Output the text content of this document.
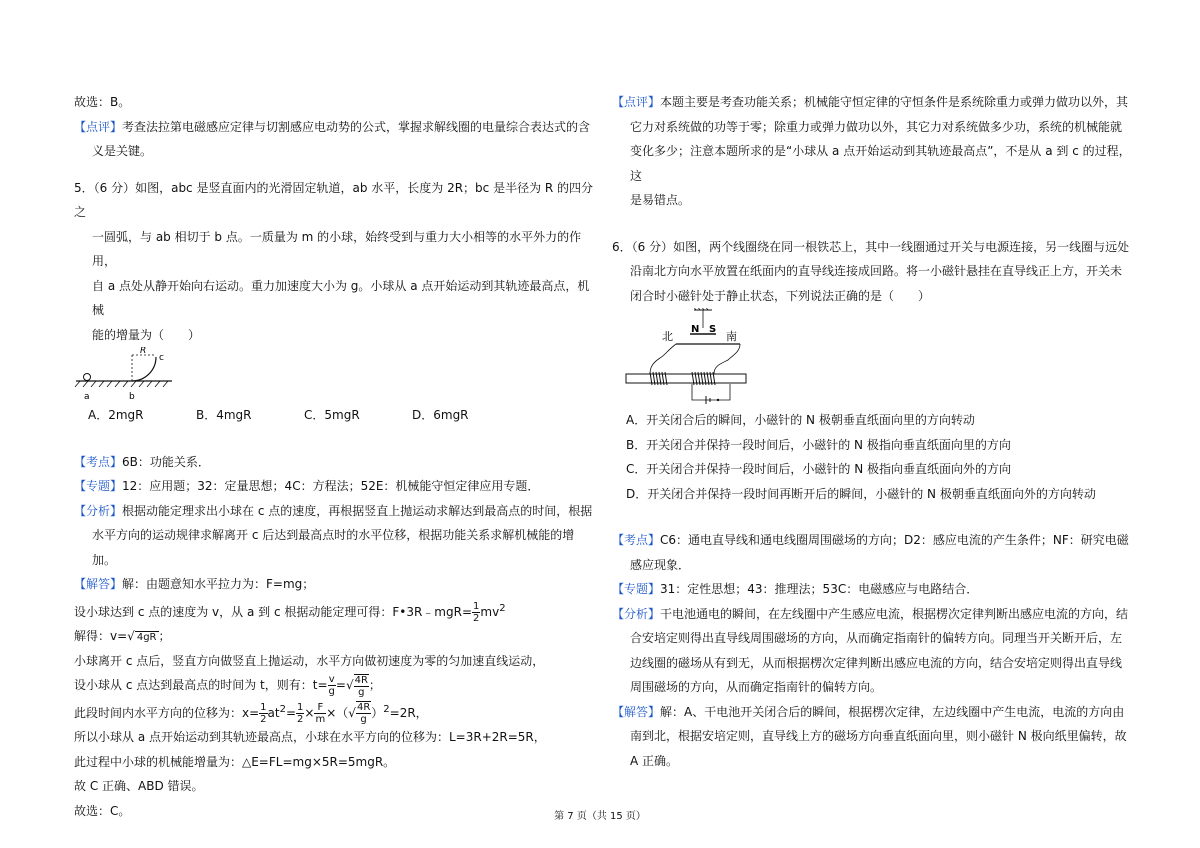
故选：B。

【点评】考查法拉第电磁感应定律与切割感应电动势的公式，掌握求解线圈的电量综合表达式的含

义是关键。

5．（6 分）如图，abc 是竖直面内的光滑固定轨道，ab 水平，长度为 2R；bc 是半径为 R 的四分之

一圆弧，与 ab 相切于 b 点。一质量为 m 的小球，始终受到与重力大小相等的水平外力的作用，

自 a 点处从静开始向右运动。重力加速度大小为 g。小球从 a 点开始运动到其轨迹最高点，机械

能的增量为（　　）

R
c
a	b

A．2mgR	B．4mgR	C．5mgR	D．6mgR

【考点】6B：功能关系．

【专题】12：应用题；32：定量思想；4C：方程法；52E：机械能守恒定律应用专题．

【分析】根据动能定理求出小球在 c 点的速度，再根据竖直上抛运动求解达到最高点的时间，根据

水平方向的运动规律求解离开 c 后达到最高点时的水平位移，根据功能关系求解机械能的增加。

【解答】解：由题意知水平拉力为：F=mg；

设小球达到 c 点的速度为 v，从 a 到 c 根据动能定理可得：F•3R﹣mgR= $\frac{1}{2} mv^2$

解得：v=√ 4gR ；

小球离开 c 点后，竖直方向做竖直上抛运动，水平方向做初速度为零的匀加速直线运动，

设小球从 c 点达到最高点的时间为 t，则有：$t= \frac{v}{g}$ =√ $\frac{4R}{g}$ ；

此段时间内水平方向的位移为：$x= \frac{1}{2} at^2= \frac{1}{2} \times \frac{F}{m}$ ×（√ $\frac{4R}{g} )^2=2R$，

所以小球从 a 点开始运动到其轨迹最高点，小球在水平方向的位移为：L=3R+2R=5R，

此过程中小球的机械能增量为：△E=FL=mg×5R=5mgR。

故 C 正确、ABD 错误。

故选：C。

【点评】本题主要是考查功能关系；机械能守恒定律的守恒条件是系统除重力或弹力做功以外，其

它力对系统做的功等于零；除重力或弹力做功以外，其它力对系统做多少功，系统的机械能就

变化多少；注意本题所求的是“小球从 a 点开始运动到其轨迹最高点”，不是从 a 到 c 的过程，这

是易错点。

6．（6 分）如图，两个线圈绕在同一根铁芯上，其中一线圈通过开关与电源连接，另一线圈与远处

沿南北方向水平放置在纸面内的直导线连接成回路。将一小磁针悬挂在直导线正上方，开关未

闭合时小磁针处于静止状态，下列说法正确的是（　　）

N S
北	南

A．开关闭合后的瞬间，小磁针的 N 极朝垂直纸面向里的方向转动

B．开关闭合并保持一段时间后，小磁针的 N 极指向垂直纸面向里的方向

C．开关闭合并保持一段时间后，小磁针的 N 极指向垂直纸面向外的方向

D．开关闭合并保持一段时间再断开后的瞬间，小磁针的 N 极朝垂直纸面向外的方向转动

【考点】C6：通电直导线和通电线圈周围磁场的方向；D2：感应电流的产生条件；NF：研究电磁

感应现象．

【专题】31：定性思想；43：推理法；53C：电磁感应与电路结合．

【分析】干电池通电的瞬间，在左线圈中产生感应电流，根据楞次定律判断出感应电流的方向，结

合安培定则得出直导线周围磁场的方向，从而确定指南针的偏转方向。同理当开关断开后，左

边线圈的磁场从有到无，从而根据楞次定律判断出感应电流的方向，结合安培定则得出直导线

周围磁场的方向，从而确定指南针的偏转方向。

【解答】解：A、干电池开关闭合后的瞬间，根据楞次定律，左边线圈中产生电流，电流的方向由

南到北，根据安培定则，直导线上方的磁场方向垂直纸面向里，则小磁针 N 极向纸里偏转，故

A 正确。

第 7 页（共 15 页）
